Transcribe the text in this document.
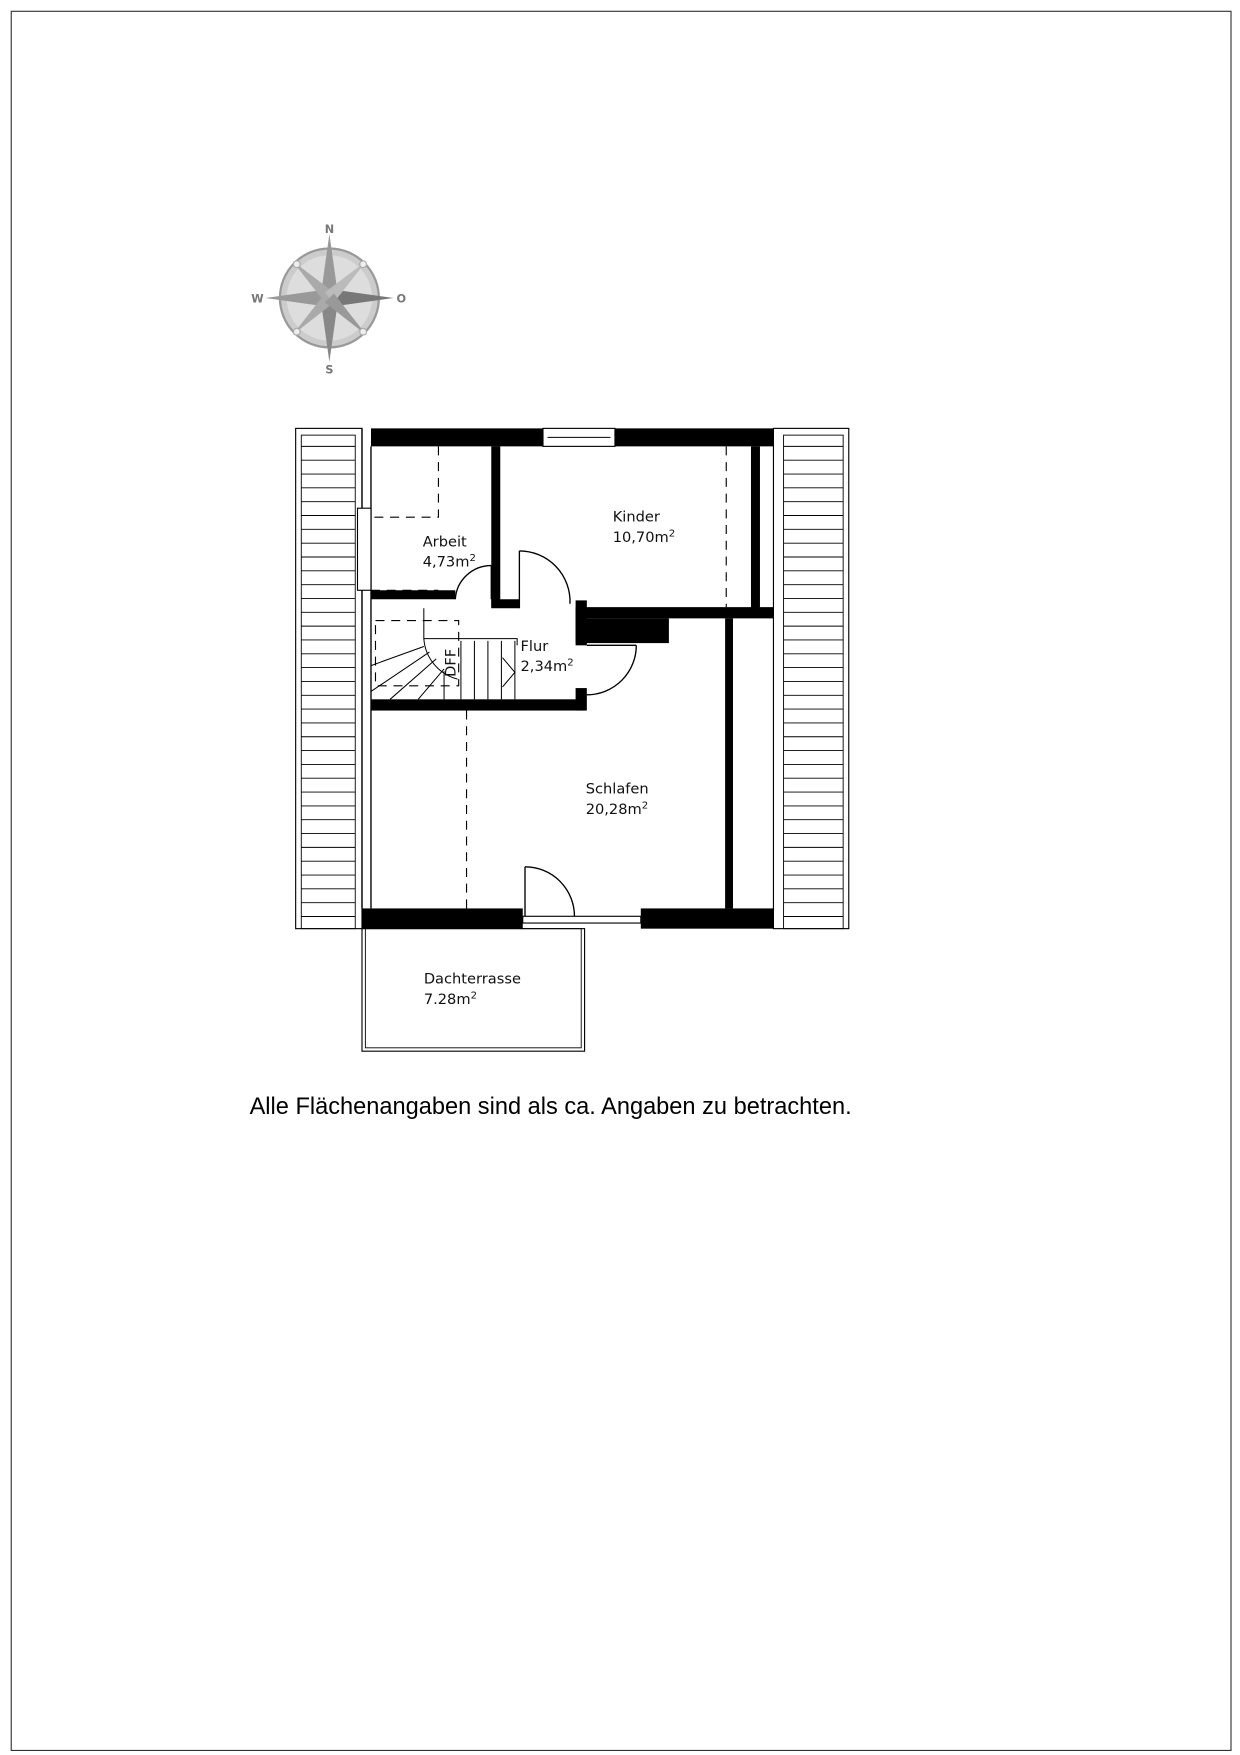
N
S
W	O
DFF
Kinder
$10,70m^2$
Arbeit
$4,73m^2$
Flur
$2,34m^2$
Schlafen
$20,28m^2$
Dachterrasse
$7.28m^2$
Alle Flächenangaben sind als ca. Angaben zu betrachten.
